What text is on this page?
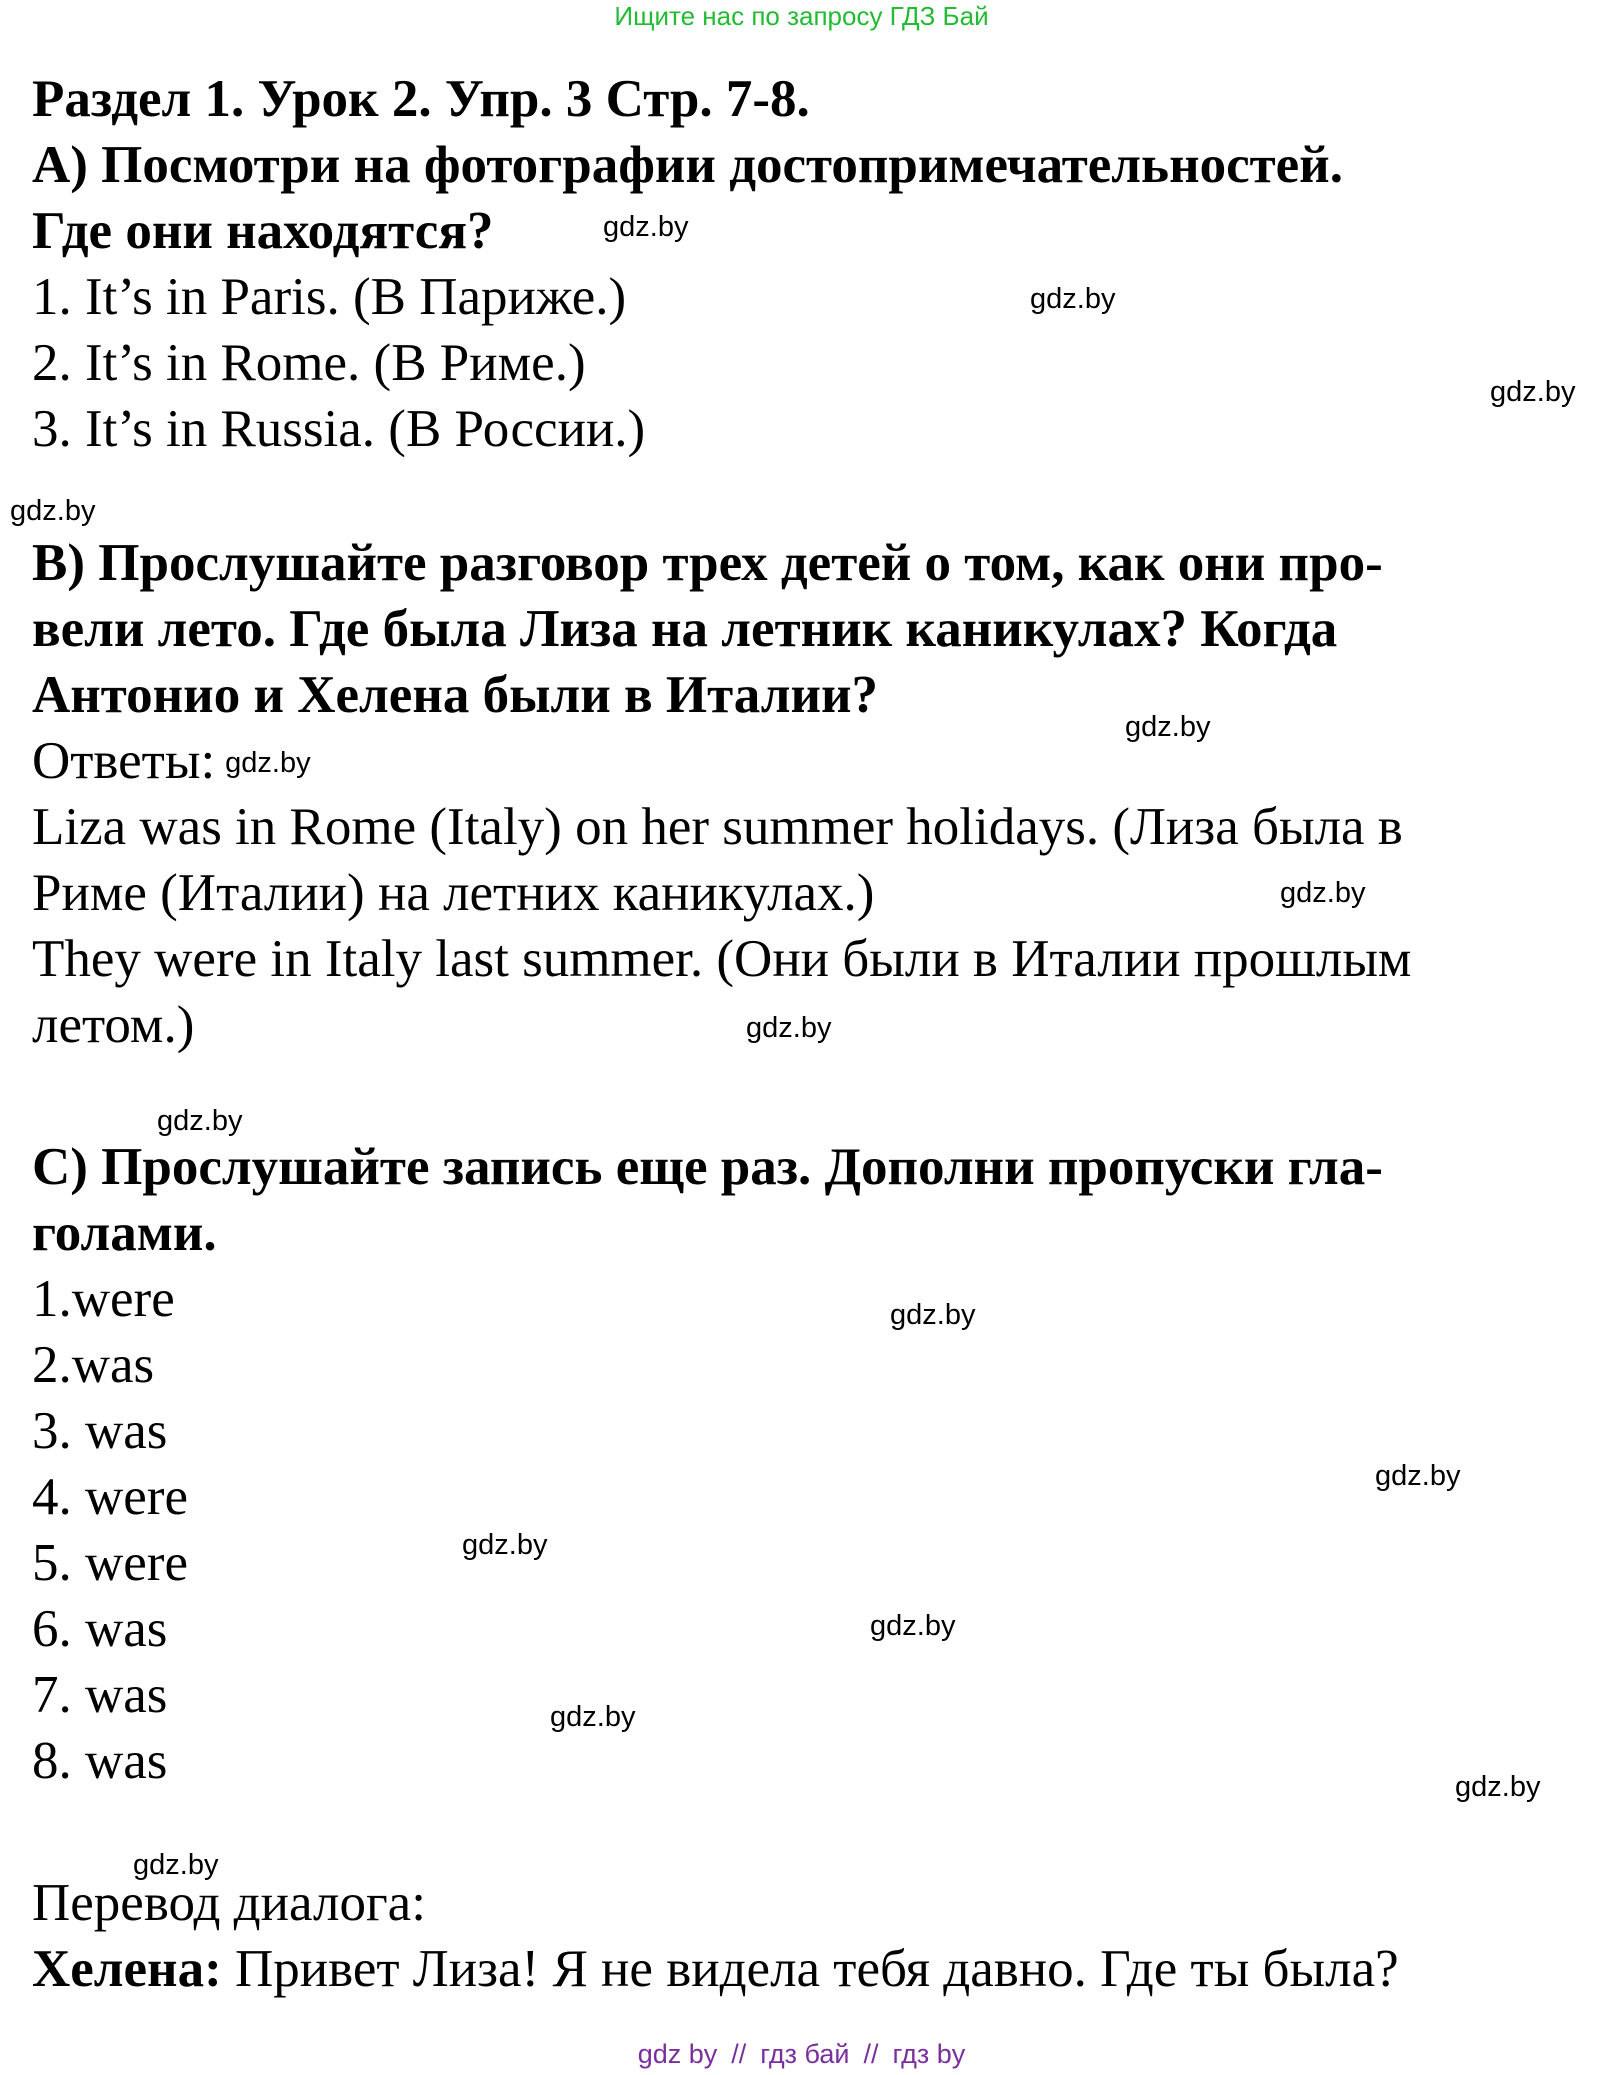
Ищите нас по запросу ГДЗ Бай
Раздел 1. Урок 2. Упр. 3 Стр. 7-8.
А) Посмотри на фотографии достопримечательностей.
Где они находятся?
1. It’s in Paris. (В Париже.)
2. It’s in Rome. (В Риме.)
3. It’s in Russia. (В России.)
B) Прослушайте разговор трех детей о том, как они про-
вели лето. Где была Лиза на летник каникулах? Когда
Антонио и Хелена были в Италии?
Ответы: gdz.by
Liza was in Rome (Italy) on her summer holidays. (Лиза была в
Риме (Италии) на летних каникулах.)
They were in Italy last summer. (Они были в Италии прошлым
летом.)
C) Прослушайте запись еще раз. Дополни пропуски гла-
голами.
1.were
2.was
3. was
4. were
5. were
6. was
7. was
8. was
Перевод диалога:
Хелена: Привет Лиза! Я не видела тебя давно. Где ты была?
gdz.by
gdz.by
gdz.by
gdz.by
gdz.by
gdz.by
gdz.by
gdz.by
gdz.by
gdz.by
gdz.by
gdz.by
gdz.by
gdz.by
gdz.by
gdz by // гдз бай // гдз by
